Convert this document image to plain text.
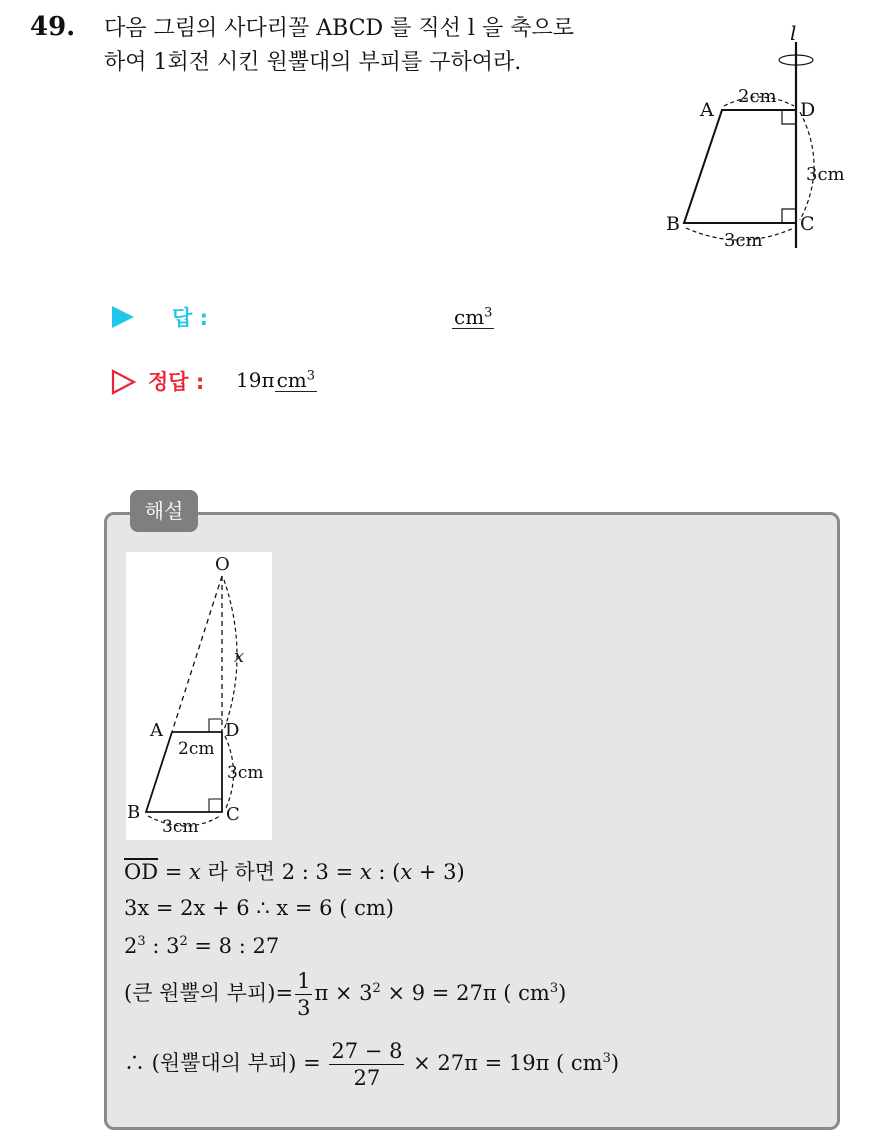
49. 다음 그림의 사다리꼴 ABCD 를 직선 l 을 축으로
하여 1회전 시킨 원뿔대의 부피를 구하여라.
l
A	D
B	C
2cm
3cm
3cm
답 :	$cm^3$
정답 : 19π $cm^3$
해설
O
x
A	D
B	C
2cm
3cm
3cm
$\overline{OD} = x$ 라 하면 2 : 3 = x : (x + 3)
3x = 2x + 6 ∴ x = 6 ( cm)
$2^3$ : $3^2 = 8$ : 27
(큰 원뿔의 부피)= $\frac{1}{3}$ $\pi \times 3^2 \times 9 = 27\pi$ ( $cm^3$)
∴ (원뿔대의 부피) = $\frac{27 - 8}{27} \times 27\pi = 19\pi$ ( $cm^3$)
